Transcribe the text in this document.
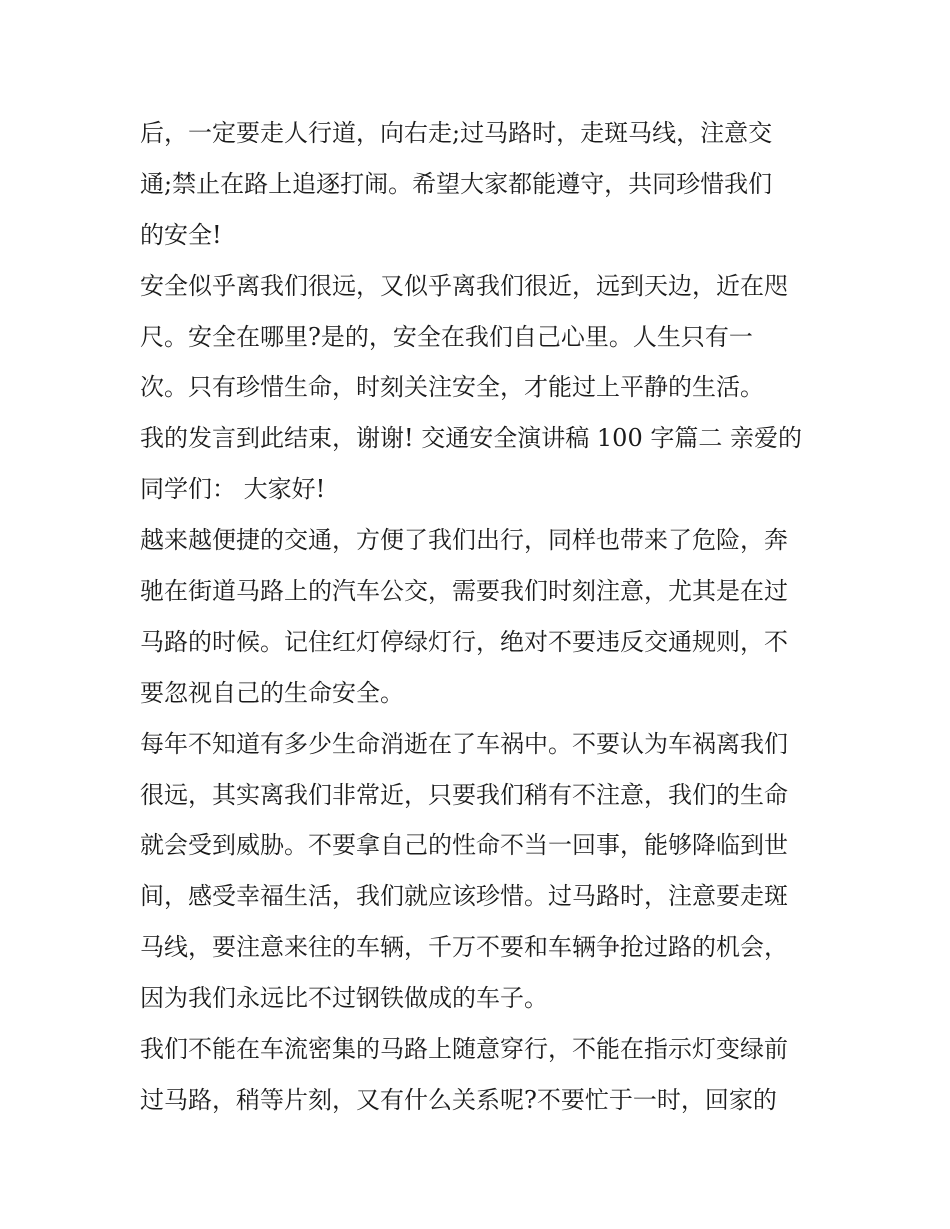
后，一定要走人行道，向右走;过马路时，走斑马线，注意交
通;禁止在路上追逐打闹。希望大家都能遵守，共同珍惜我们
的安全!
安全似乎离我们很远，又似乎离我们很近，远到天边，近在咫
尺。安全在哪里?是的，安全在我们自己心里。人生只有一
次。只有珍惜生命，时刻关注安全，才能过上平静的生活。
我的发言到此结束，谢谢! 交通安全演讲稿 100 字篇二 亲爱的
同学们： 大家好!
越来越便捷的交通，方便了我们出行，同样也带来了危险，奔
驰在街道马路上的汽车公交，需要我们时刻注意，尤其是在过
马路的时候。记住红灯停绿灯行，绝对不要违反交通规则，不
要忽视自己的生命安全。
每年不知道有多少生命消逝在了车祸中。不要认为车祸离我们
很远，其实离我们非常近，只要我们稍有不注意，我们的生命
就会受到威胁。不要拿自己的性命不当一回事，能够降临到世
间，感受幸福生活，我们就应该珍惜。过马路时，注意要走斑
马线，要注意来往的车辆，千万不要和车辆争抢过路的机会，
因为我们永远比不过钢铁做成的车子。
我们不能在车流密集的马路上随意穿行，不能在指示灯变绿前
过马路，稍等片刻，又有什么关系呢?不要忙于一时，回家的
